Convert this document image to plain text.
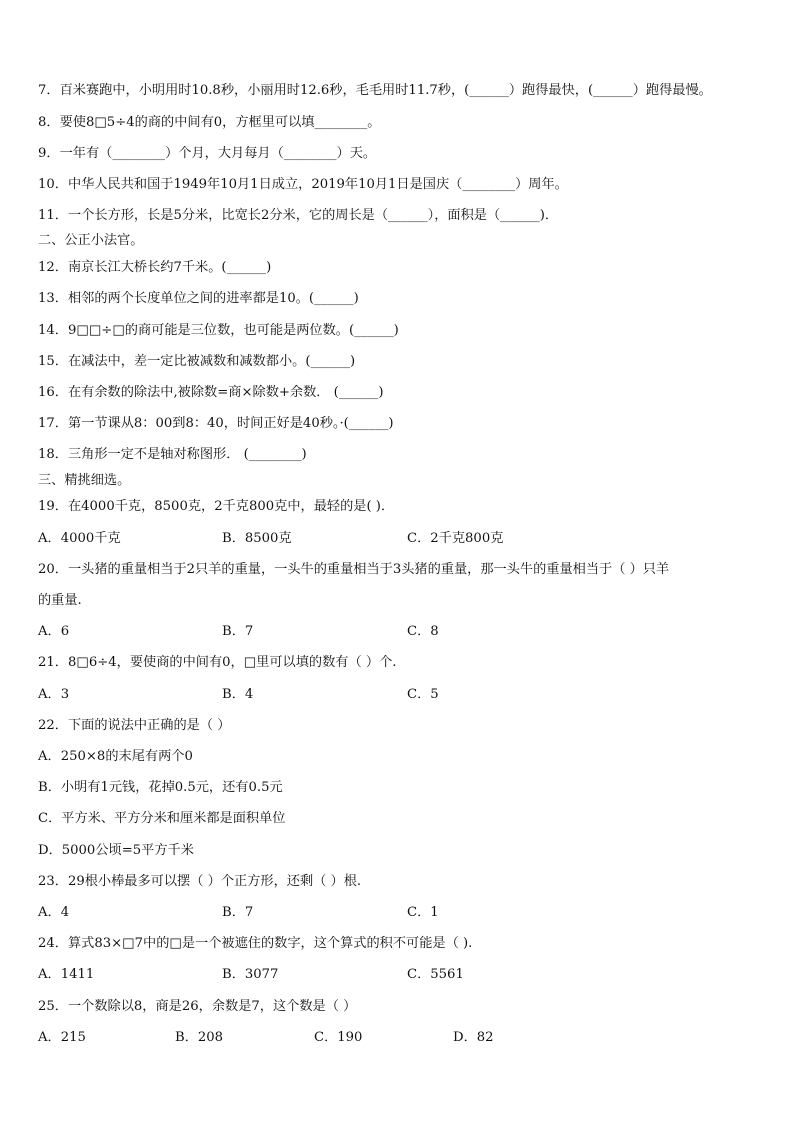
7．百米赛跑中，小明用时10.8秒，小丽用时12.6秒，毛毛用时11.7秒，(______）跑得最快，(______）跑得最慢。
8．要使8□5÷4的商的中间有0，方框里可以填________。
9．一年有（________）个月，大月每月（________）天。
10．中华人民共和国于1949年10月1日成立，2019年10月1日是国庆（________）周年。
11．一个长方形，长是5分米，比宽长2分米，它的周长是（______），面积是（______)．
二、公正小法官。
12．南京长江大桥长约7千米。(______)
13．相邻的两个长度单位之间的进率都是10。(______)
14．9□□÷□的商可能是三位数，也可能是两位数。(______)
15．在减法中，差一定比被减数和减数都小。(______)
16．在有余数的除法中,被除数=商×除数+余数． (______)
17．第一节课从8：00到8：40，时间正好是40秒。·(______)
18．三角形一定不是轴对称图形． (________)
三、精挑细选。
19．在4000千克，8500克，2千克800克中，最轻的是( )．
A．4000千克	B．8500克	C．2千克800克
20．一头猪的重量相当于2只羊的重量，一头牛的重量相当于3头猪的重量，那一头牛的重量相当于（ ）只羊
的重量.
A．6	B．7	C．8
21．8□6÷4，要使商的中间有0，□里可以填的数有（ ）个.
A．3	B．4	C．5
22．下面的说法中正确的是（ ）
A．250×8的末尾有两个0
B．小明有1元钱，花掉0.5元，还有0.5元
C．平方米、平方分米和厘米都是面积单位
D．5000公顷=5平方千米
23．29根小棒最多可以摆（ ）个正方形，还剩（ ）根.
A．4	B．7	C．1
24．算式83×□7中的□是一个被遮住的数字，这个算式的积不可能是（ ).
A．1411	B．3077	C．5561
25．一个数除以8，商是26，余数是7，这个数是（ ）
A．215	B．208	C．190	D．82
